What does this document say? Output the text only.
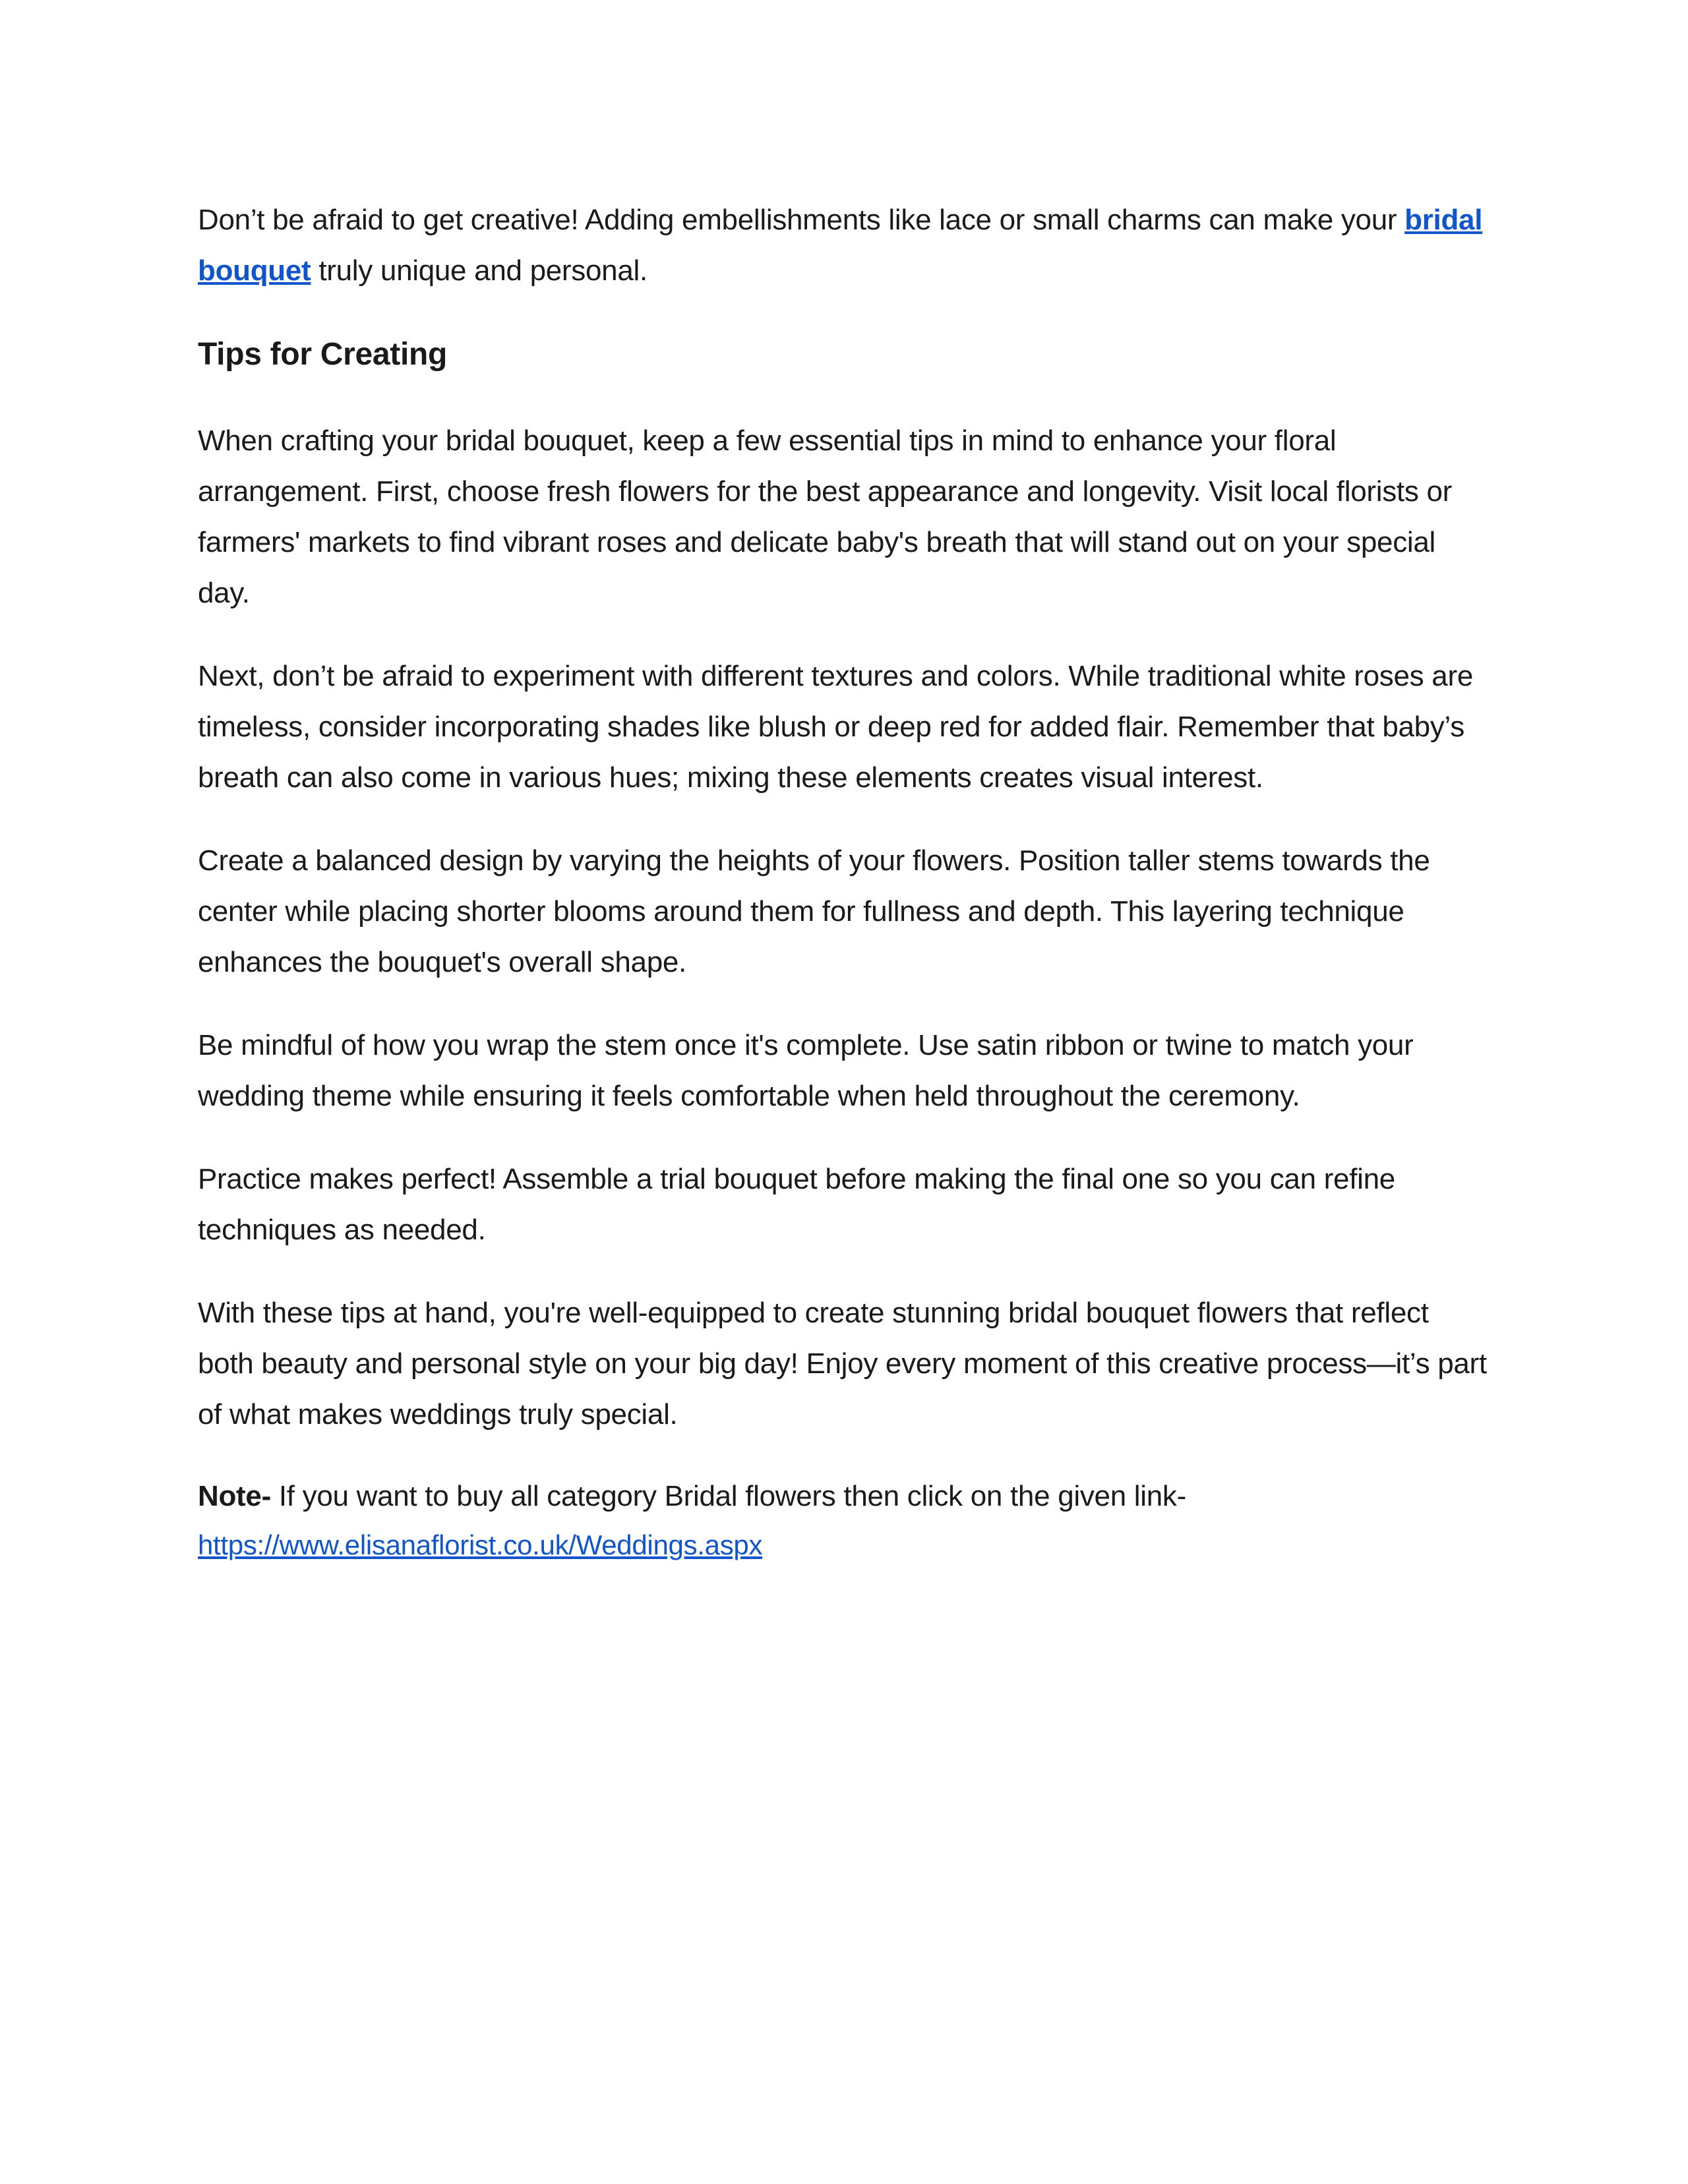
Don’t be afraid to get creative! Adding embellishments like lace or small charms can make your bridal bouquet truly unique and personal.

Tips for Creating

When crafting your bridal bouquet, keep a few essential tips in mind to enhance your floral arrangement. First, choose fresh flowers for the best appearance and longevity. Visit local florists or farmers' markets to find vibrant roses and delicate baby's breath that will stand out on your special day.

Next, don’t be afraid to experiment with different textures and colors. While traditional white roses are timeless, consider incorporating shades like blush or deep red for added flair. Remember that baby’s breath can also come in various hues; mixing these elements creates visual interest.

Create a balanced design by varying the heights of your flowers. Position taller stems towards the center while placing shorter blooms around them for fullness and depth. This layering technique enhances the bouquet's overall shape.

Be mindful of how you wrap the stem once it's complete. Use satin ribbon or twine to match your wedding theme while ensuring it feels comfortable when held throughout the ceremony.

Practice makes perfect! Assemble a trial bouquet before making the final one so you can refine techniques as needed.

With these tips at hand, you're well-equipped to create stunning bridal bouquet flowers that reflect both beauty and personal style on your big day! Enjoy every moment of this creative process—it’s part of what makes weddings truly special.

Note- If you want to buy all category Bridal flowers then click on the given link-
https://www.elisanaflorist.co.uk/Weddings.aspx
